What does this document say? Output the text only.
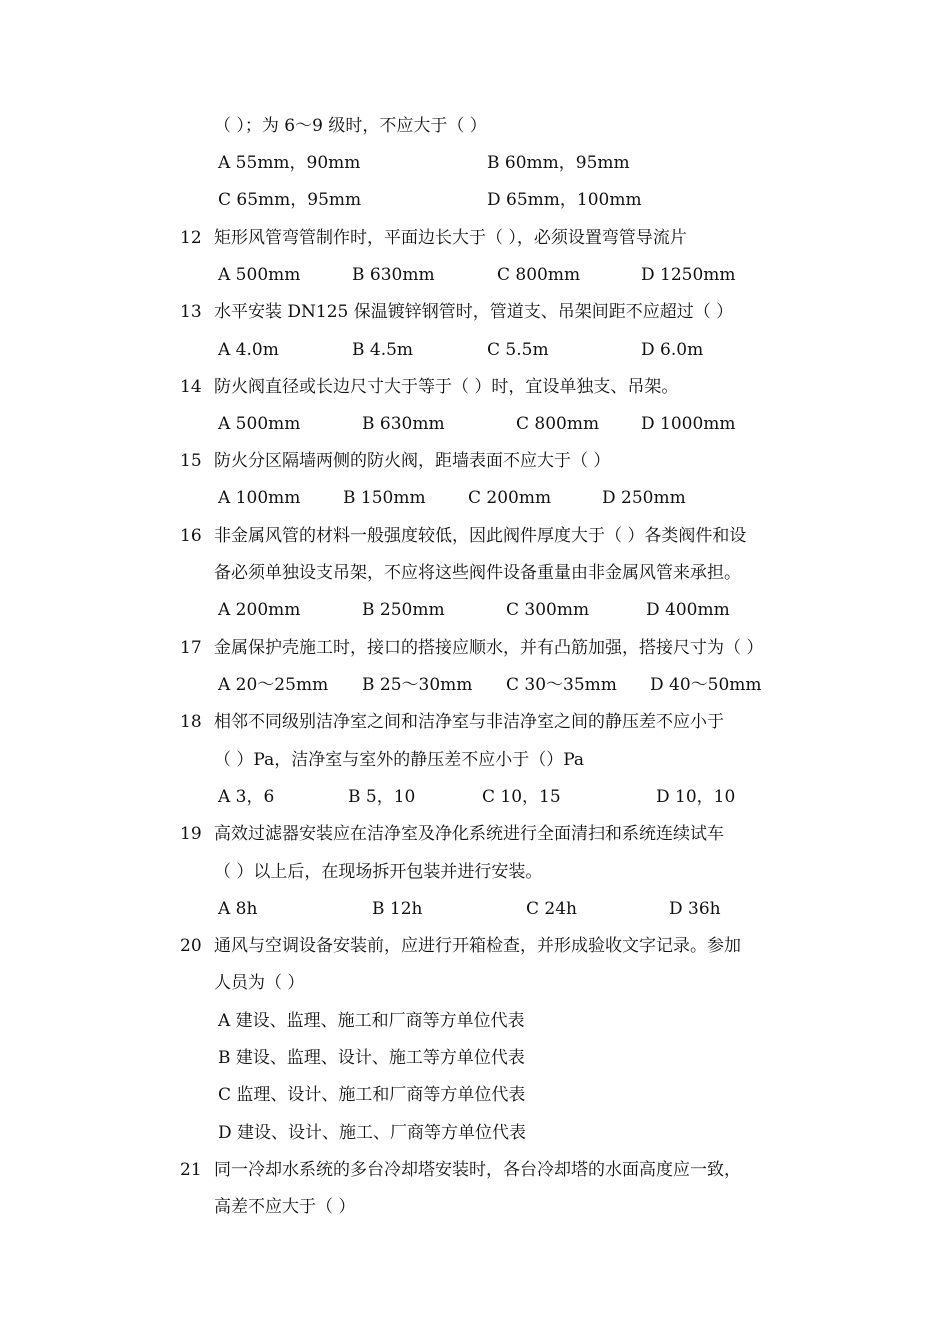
（ ）；为 6～9 级时，不应大于（ ）
A 55mm，90mm	B 60mm，95mm
C 65mm，95mm	D 65mm，100mm
12 矩形风管弯管制作时，平面边长大于（ ），必须设置弯管导流片
A 500mm	B 630mm	C 800mm	D 1250mm
13 水平安装 DN125 保温镀锌钢管时，管道支、吊架间距不应超过（ ）
A 4.0m	B 4.5m	C 5.5m	D 6.0m
14 防火阀直径或长边尺寸大于等于（ ）时，宜设单独支、吊架。
A 500mm	B 630mm	C 800mm D 1000mm
15 防火分区隔墙两侧的防火阀，距墙表面不应大于（ ）
A 100mm	B 150mm C 200mm	D 250mm
16 非金属风管的材料一般强度较低，因此阀件厚度大于（ ）各类阀件和设
备必须单独设支吊架，不应将这些阀件设备重量由非金属风管来承担。
A 200mm	B 250mm	C 300mm	D 400mm
17 金属保护壳施工时，接口的搭接应顺水，并有凸筋加强，搭接尺寸为（ ）
A 20～25mm B 25～30mm C 30～35mm D 40～50mm
18 相邻不同级别洁净室之间和洁净室与非洁净室之间的静压差不应小于
（ ）Pa，洁净室与室外的静压差不应小于（）Pa
A 3，6	B 5，10	C 10，15	D 10，10
19 高效过滤器安装应在洁净室及净化系统进行全面清扫和系统连续试车
（ ）以上后，在现场拆开包装并进行安装。
A 8h	B 12h	C 24h	D 36h
20 通风与空调设备安装前，应进行开箱检查，并形成验收文字记录。参加
人员为（ ）
A 建设、监理、施工和厂商等方单位代表
B 建设、监理、设计、施工等方单位代表
C 监理、设计、施工和厂商等方单位代表
D 建设、设计、施工、厂商等方单位代表
21 同一冷却水系统的多台冷却塔安装时，各台冷却塔的水面高度应一致，
高差不应大于（ ）
